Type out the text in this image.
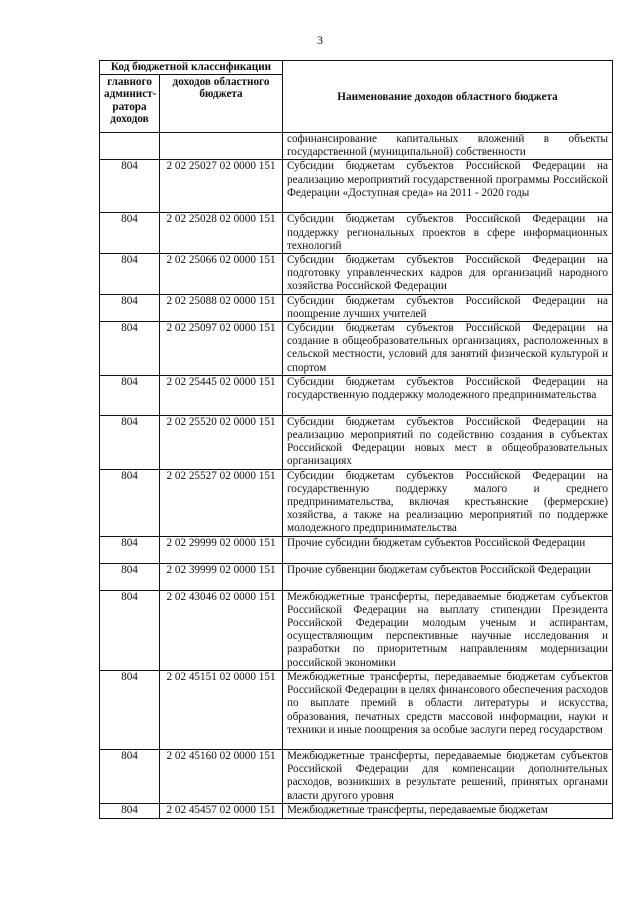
3
Код бюджетной классификации		Наименование доходов областного бюджета
главного админист-ратора доходов	доходов областного бюджета	
		софинансирование капитальных вложений в объекты государственной (муниципальной) собственности
804	2 02 25027 02 0000 151	Субсидии бюджетам субъектов Российской Федерации на реализацию мероприятий государственной программы Российской Федерации «Доступная среда» на 2011 - 2020 годы
804	2 02 25028 02 0000 151	Субсидии бюджетам субъектов Российской Федерации на поддержку региональных проектов в сфере информационных технологий
804	2 02 25066 02 0000 151	Субсидии бюджетам субъектов Российской Федерации на подготовку управленческих кадров для организаций народного хозяйства Российской Федерации
804	2 02 25088 02 0000 151	Субсидии бюджетам субъектов Российской Федерации на поощрение лучших учителей
804	2 02 25097 02 0000 151	Субсидии бюджетам субъектов Российской Федерации на создание в общеобразовательных организациях, расположенных в сельской местности, условий для занятий физической культурой и спортом
804	2 02 25445 02 0000 151	Субсидии бюджетам субъектов Российской Федерации на государственную поддержку молодежного предпринимательства
804	2 02 25520 02 0000 151	Субсидии бюджетам субъектов Российской Федерации на реализацию мероприятий по содействию создания в субъектах Российской Федерации новых мест в общеобразовательных организациях
804	2 02 25527 02 0000 151	Субсидии бюджетам субъектов Российской Федерации на государственную поддержку малого и среднего предпринимательства, включая крестьянские (фермерские) хозяйства, а также на реализацию мероприятий по поддержке молодежного предпринимательства
804	2 02 29999 02 0000 151	Прочие субсидии бюджетам субъектов Российской Федерации
804	2 02 39999 02 0000 151	Прочие субвенции бюджетам субъектов Российской Федерации
804	2 02 43046 02 0000 151	Межбюджетные трансферты, передаваемые бюджетам субъектов Российской Федерации на выплату стипендии Президента Российской Федерации молодым ученым и аспирантам, осуществляющим перспективные научные исследования и разработки по приоритетным направлениям модернизации российской экономики
804	2 02 45151 02 0000 151	Межбюджетные трансферты, передаваемые бюджетам субъектов Российской Федерации в целях финансового обеспечения расходов по выплате премий в области литературы и искусства, образования, печатных средств массовой информации, науки и техники и иные поощрения за особые заслуги перед государством
804	2 02 45160 02 0000 151	Межбюджетные трансферты, передаваемые бюджетам субъектов Российской Федерации для компенсации дополнительных расходов, возникших в результате решений, принятых органами власти другого уровня
804	2 02 45457 02 0000 151	Межбюджетные трансферты, передаваемые бюджетам
